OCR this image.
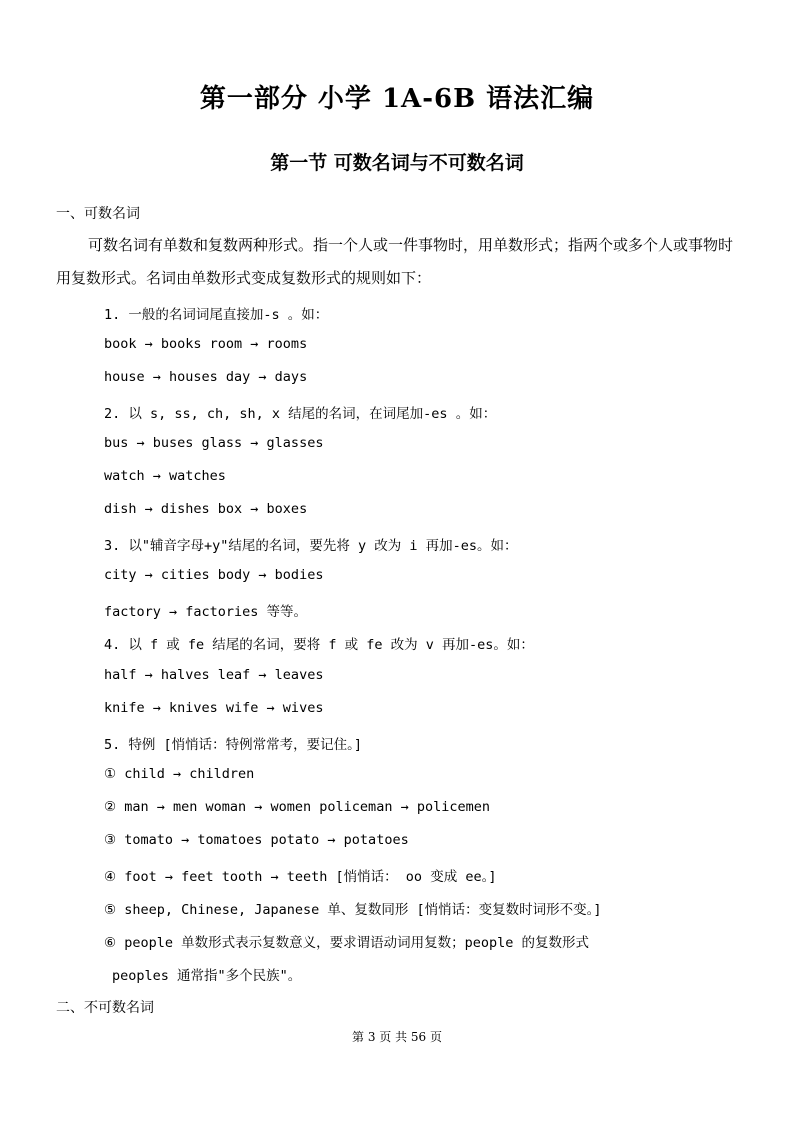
第一部分 小学 1A-6B 语法汇编
第一节 可数名词与不可数名词
一、可数名词
可数名词有单数和复数两种形式。指一个人或一件事物时，用单数形式；指两个或多个人或事物时用复数形式。名词由单数形式变成复数形式的规则如下：
1. 一般的名词词尾直接加-s 。如：
book → books room → rooms
house → houses day → days
2. 以 s, ss, ch, sh, x 结尾的名词，在词尾加-es 。如：
bus → buses glass → glasses
watch → watches
dish → dishes box → boxes
3. 以"辅音字母+y"结尾的名词，要先将 y 改为 i 再加-es。如：
city → cities body → bodies
factory → factories 等等。
4. 以 f 或 fe 结尾的名词，要将 f 或 fe 改为 v 再加-es。如：
half → halves leaf → leaves
knife → knives wife → wives
5. 特例 [悄悄话：特例常常考，要记住。]
① child → children
② man → men woman → women policeman → policemen
③ tomato → tomatoes potato → potatoes
④ foot → feet tooth → teeth [悄悄话： oo 变成 ee。]
⑤ sheep, Chinese, Japanese 单、复数同形 [悄悄话：变复数时词形不变。]
⑥ people 单数形式表示复数意义，要求谓语动词用复数；people 的复数形式
peoples 通常指"多个民族"。
二、不可数名词
第 3 页 共 56 页
